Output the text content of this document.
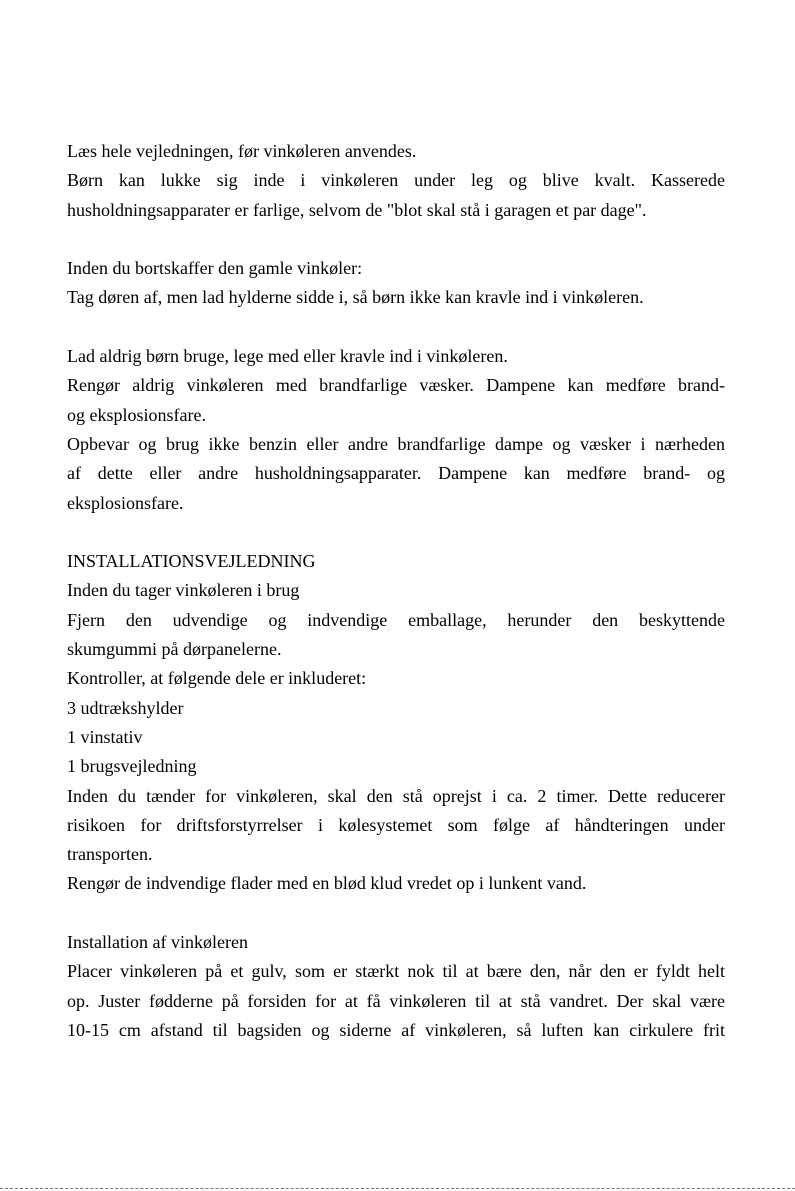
Læs hele vejledningen, før vinkøleren anvendes.

Børn kan lukke sig inde i vinkøleren under leg og blive kvalt. Kasserede

husholdningsapparater er farlige, selvom de "blot skal stå i garagen et par dage".

Inden du bortskaffer den gamle vinkøler:

Tag døren af, men lad hylderne sidde i, så børn ikke kan kravle ind i vinkøleren.

Lad aldrig børn bruge, lege med eller kravle ind i vinkøleren.

Rengør aldrig vinkøleren med brandfarlige væsker. Dampene kan medføre brand-

og eksplosionsfare.

Opbevar og brug ikke benzin eller andre brandfarlige dampe og væsker i nærheden

af dette eller andre husholdningsapparater. Dampene kan medføre brand- og

eksplosionsfare.

INSTALLATIONSVEJLEDNING

Inden du tager vinkøleren i brug

Fjern den udvendige og indvendige emballage, herunder den beskyttende

skumgummi på dørpanelerne.

Kontroller, at følgende dele er inkluderet:

3 udtrækshylder

1 vinstativ

1 brugsvejledning

Inden du tænder for vinkøleren, skal den stå oprejst i ca. 2 timer. Dette reducerer

risikoen for driftsforstyrrelser i kølesystemet som følge af håndteringen under

transporten.

Rengør de indvendige flader med en blød klud vredet op i lunkent vand.

Installation af vinkøleren

Placer vinkøleren på et gulv, som er stærkt nok til at bære den, når den er fyldt helt

op. Juster fødderne på forsiden for at få vinkøleren til at stå vandret. Der skal være

10-15 cm afstand til bagsiden og siderne af vinkøleren, så luften kan cirkulere frit
